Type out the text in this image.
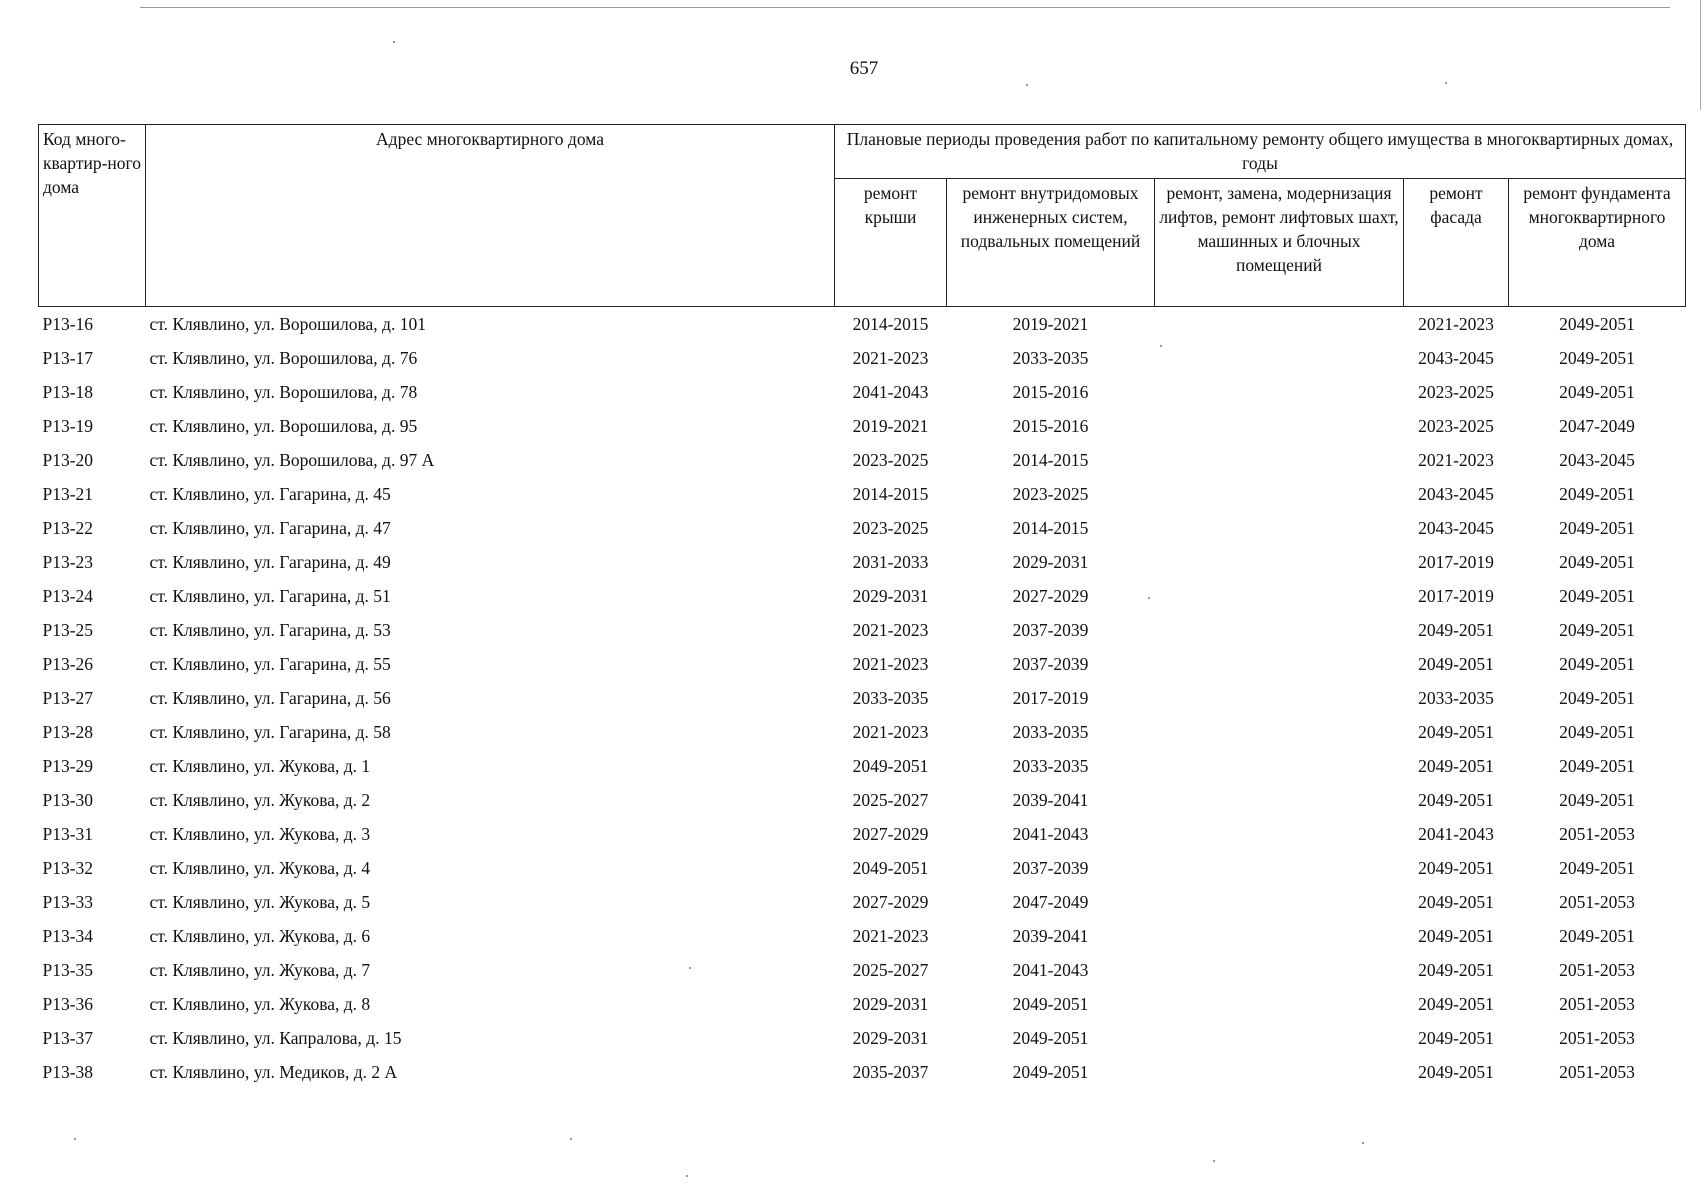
657
Код много-квартир-ного дома	Адрес многоквартирного дома	Плановые периоды проведения работ по капитальному ремонту общего имущества в многоквартирных домах, годы				
		ремонт крыши	ремонт внутридомовых инженерных систем, подвальных помещений	ремонт, замена, модернизация лифтов, ремонт лифтовых шахт, машинных и блочных помещений	ремонт фасада	ремонт фундамента многоквартирного дома
P13-16	ст. Клявлино, ул. Ворошилова, д. 101	2014-2015	2019-2021		2021-2023	2049-2051
P13-17	ст. Клявлино, ул. Ворошилова, д. 76	2021-2023	2033-2035		2043-2045	2049-2051
P13-18	ст. Клявлино, ул. Ворошилова, д. 78	2041-2043	2015-2016		2023-2025	2049-2051
P13-19	ст. Клявлино, ул. Ворошилова, д. 95	2019-2021	2015-2016		2023-2025	2047-2049
P13-20	ст. Клявлино, ул. Ворошилова, д. 97 А	2023-2025	2014-2015		2021-2023	2043-2045
P13-21	ст. Клявлино, ул. Гагарина, д. 45	2014-2015	2023-2025		2043-2045	2049-2051
P13-22	ст. Клявлино, ул. Гагарина, д. 47	2023-2025	2014-2015		2043-2045	2049-2051
P13-23	ст. Клявлино, ул. Гагарина, д. 49	2031-2033	2029-2031		2017-2019	2049-2051
P13-24	ст. Клявлино, ул. Гагарина, д. 51	2029-2031	2027-2029		2017-2019	2049-2051
P13-25	ст. Клявлино, ул. Гагарина, д. 53	2021-2023	2037-2039		2049-2051	2049-2051
P13-26	ст. Клявлино, ул. Гагарина, д. 55	2021-2023	2037-2039		2049-2051	2049-2051
P13-27	ст. Клявлино, ул. Гагарина, д. 56	2033-2035	2017-2019		2033-2035	2049-2051
P13-28	ст. Клявлино, ул. Гагарина, д. 58	2021-2023	2033-2035		2049-2051	2049-2051
P13-29	ст. Клявлино, ул. Жукова, д. 1	2049-2051	2033-2035		2049-2051	2049-2051
P13-30	ст. Клявлино, ул. Жукова, д. 2	2025-2027	2039-2041		2049-2051	2049-2051
P13-31	ст. Клявлино, ул. Жукова, д. 3	2027-2029	2041-2043		2041-2043	2051-2053
P13-32	ст. Клявлино, ул. Жукова, д. 4	2049-2051	2037-2039		2049-2051	2049-2051
P13-33	ст. Клявлино, ул. Жукова, д. 5	2027-2029	2047-2049		2049-2051	2051-2053
P13-34	ст. Клявлино, ул. Жукова, д. 6	2021-2023	2039-2041		2049-2051	2049-2051
P13-35	ст. Клявлино, ул. Жукова, д. 7	2025-2027	2041-2043		2049-2051	2051-2053
P13-36	ст. Клявлино, ул. Жукова, д. 8	2029-2031	2049-2051		2049-2051	2051-2053
P13-37	ст. Клявлино, ул. Капралова, д. 15	2029-2031	2049-2051		2049-2051	2051-2053
P13-38	ст. Клявлино, ул. Медиков, д. 2 А	2035-2037	2049-2051		2049-2051	2051-2053
